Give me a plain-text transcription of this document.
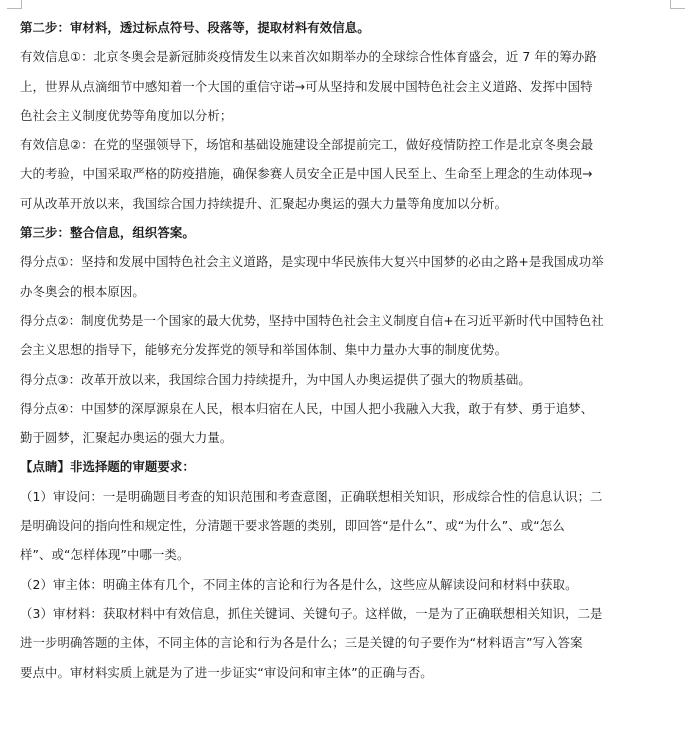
第二步：审材料，透过标点符号、段落等，提取材料有效信息。
有效信息①：北京冬奥会是新冠肺炎疫情发生以来首次如期举办的全球综合性体育盛会，近 7 年的筹办路
上，世界从点滴细节中感知着一个大国的重信守诺→可从坚持和发展中国特色社会主义道路、发挥中国特
色社会主义制度优势等角度加以分析；
有效信息②：在党的坚强领导下，场馆和基础设施建设全部提前完工，做好疫情防控工作是北京冬奥会最
大的考验，中国采取严格的防疫措施，确保参赛人员安全正是中国人民至上、生命至上理念的生动体现→
可从改革开放以来，我国综合国力持续提升、汇聚起办奥运的强大力量等角度加以分析。
第三步：整合信息，组织答案。
得分点①：坚持和发展中国特色社会主义道路，是实现中华民族伟大复兴中国梦的必由之路+是我国成功举
办冬奥会的根本原因。
得分点②：制度优势是一个国家的最大优势，坚持中国特色社会主义制度自信+在习近平新时代中国特色社
会主义思想的指导下，能够充分发挥党的领导和举国体制、集中力量办大事的制度优势。
得分点③：改革开放以来，我国综合国力持续提升，为中国人办奥运提供了强大的物质基础。
得分点④：中国梦的深厚源泉在人民，根本归宿在人民，中国人把小我融入大我，敢于有梦、勇于追梦、
勤于圆梦，汇聚起办奥运的强大力量。
【点睛】非选择题的审题要求：
（1）审设问：一是明确题目考查的知识范围和考查意图，正确联想相关知识，形成综合性的信息认识；二
是明确设问的指向性和规定性，分清题干要求答题的类别，即回答“是什么”、或“为什么”、或“怎么
样”、或“怎样体现”中哪一类。
（2）审主体：明确主体有几个，不同主体的言论和行为各是什么，这些应从解读设问和材料中获取。
（3）审材料：获取材料中有效信息，抓住关键词、关键句子。这样做，一是为了正确联想相关知识，二是
进一步明确答题的主体，不同主体的言论和行为各是什么；三是关键的句子要作为“材料语言”写入答案
要点中。审材料实质上就是为了进一步证实“审设问和审主体”的正确与否。
